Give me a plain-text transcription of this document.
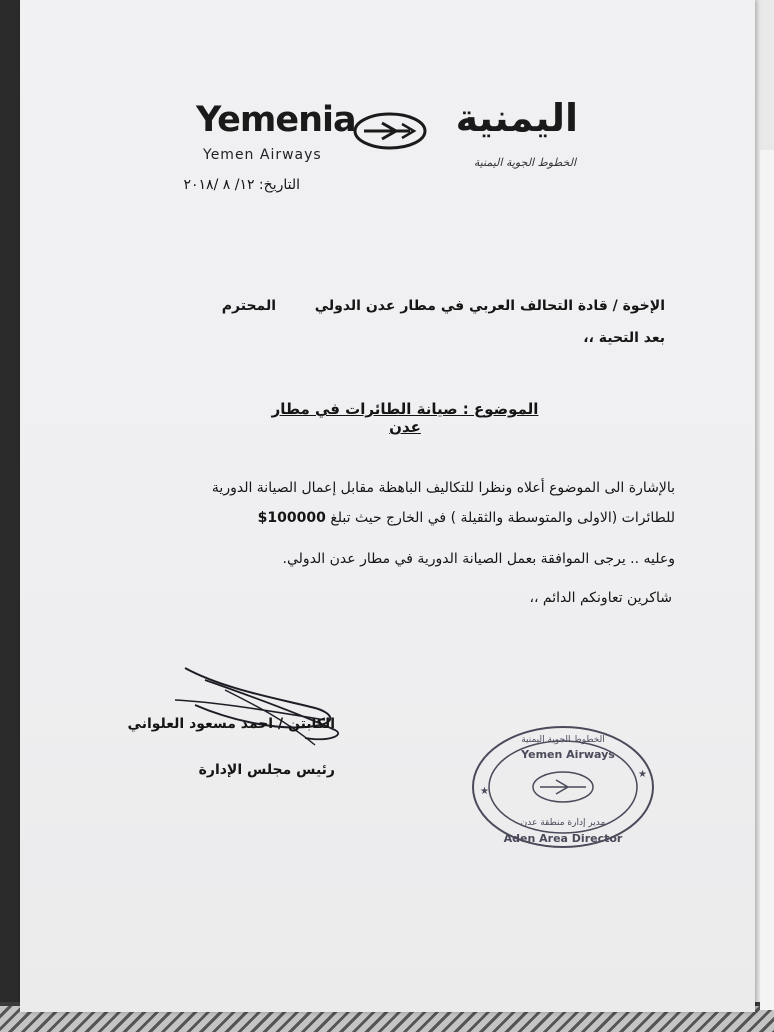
Yemenia
Yemen Airways
اليمنية
الخطوط الجوية اليمنية
التاريخ: ١٢/ ٨ /٢٠١٨
المحترم	الإخوة / قادة التحالف العربي في مطار عدن الدولي
بعد التحية ،،
الموضوع : صيانة الطائرات في مطار عدن
بالإشارة الى الموضوع أعلاه ونظرا للتكاليف الباهظة مقابل إعمال الصيانة الدورية
للطائرات (الاولى والمتوسطة والثقيلة ) في الخارج حيث تبلغ $100000
وعليه .. يرجى الموافقة بعمل الصيانة الدورية في مطار عدن الدولي.
شاكرين تعاونكم الدائم ،،
الكابتن / احمد مسعود العلواني
رئيس مجلس الإدارة
الخطوط الجوية اليمنية
Yemen Airways
مدير إدارة منطقة عدن
Aden Area Director
★
★
